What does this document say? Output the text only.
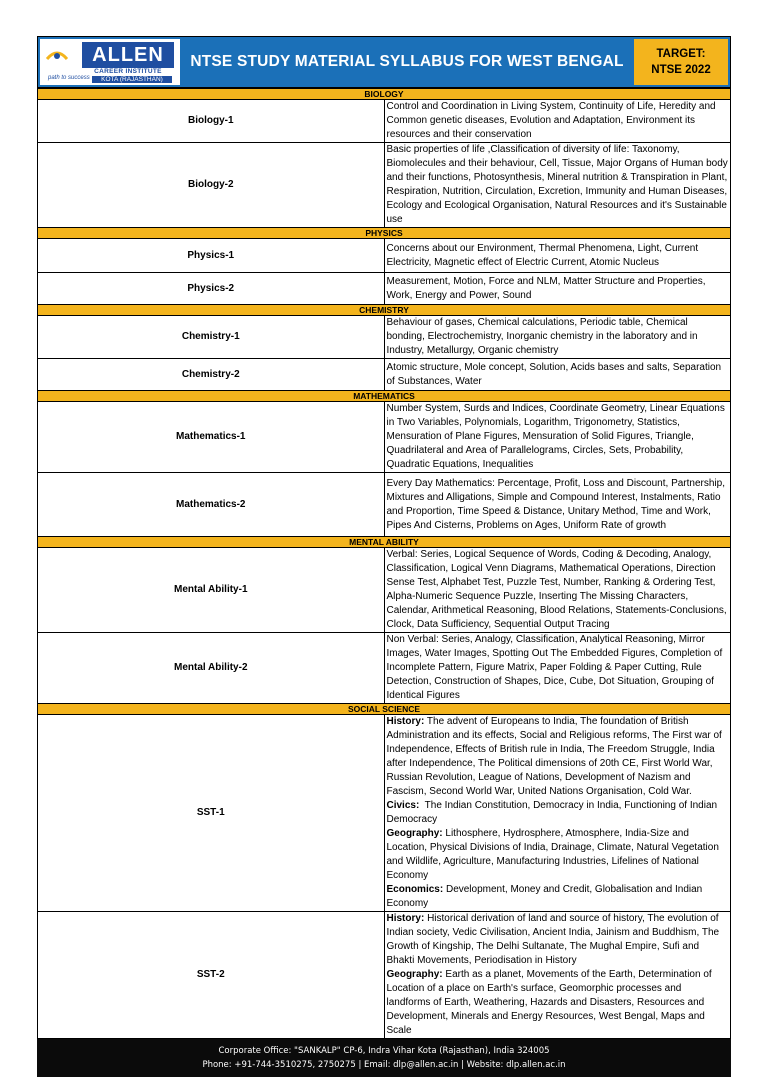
ALLEN
CAREER INSTITUTE
KOTA (RAJASTHAN)
path to success
NTSE STUDY MATERIAL SYLLABUS FOR WEST BENGAL	TARGET:
NTSE 2022
BIOLOGY	
Biology-1	Control and Coordination in Living System, Continuity of Life, Heredity and Common genetic diseases, Evolution and Adaptation, Environment its resources and their conservation
Biology-2	Basic properties of life ,Classification of diversity of life: Taxonomy, Biomolecules and their behaviour, Cell, Tissue, Major Organs of Human body and their functions, Photosynthesis, Mineral nutrition & Transpiration in Plant, Respiration, Nutrition, Circulation, Excretion, Immunity and Human Diseases, Ecology and Ecological Organisation, Natural Resources and it's Sustainable use
PHYSICS	
Physics-1	Concerns about our Environment, Thermal Phenomena, Light, Current Electricity, Magnetic effect of Electric Current, Atomic Nucleus
Physics-2	Measurement, Motion, Force and NLM, Matter Structure and Properties, Work, Energy and Power, Sound
CHEMISTRY	
Chemistry-1	Behaviour of gases, Chemical calculations, Periodic table, Chemical bonding, Electrochemistry, Inorganic chemistry in the laboratory and in Industry, Metallurgy, Organic chemistry
Chemistry-2	Atomic structure, Mole concept, Solution, Acids bases and salts, Separation of Substances, Water
MATHEMATICS	
Mathematics-1	Number System, Surds and Indices, Coordinate Geometry, Linear Equations in Two Variables, Polynomials, Logarithm, Trigonometry, Statistics, Mensuration of Plane Figures, Mensuration of Solid Figures, Triangle, Quadrilateral and Area of Parallelograms, Circles, Sets, Probability, Quadratic Equations, Inequalities
Mathematics-2	Every Day Mathematics: Percentage, Profit, Loss and Discount, Partnership, Mixtures and Alligations, Simple and Compound Interest, Instalments, Ratio and Proportion, Time Speed & Distance, Unitary Method, Time and Work, Pipes And Cisterns, Problems on Ages, Uniform Rate of growth
MENTAL ABILITY	
Mental Ability-1	Verbal: Series, Logical Sequence of Words, Coding & Decoding, Analogy, Classification, Logical Venn Diagrams, Mathematical Operations, Direction Sense Test, Alphabet Test, Puzzle Test, Number, Ranking & Ordering Test, Alpha-Numeric Sequence Puzzle, Inserting The Missing Characters, Calendar, Arithmetical Reasoning, Blood Relations, Statements-Conclusions, Clock, Data Sufficiency, Sequential Output Tracing
Mental Ability-2	Non Verbal: Series, Analogy, Classification, Analytical Reasoning, Mirror Images, Water Images, Spotting Out The Embedded Figures, Completion of Incomplete Pattern, Figure Matrix, Paper Folding & Paper Cutting, Rule Detection, Construction of Shapes, Dice, Cube, Dot Situation, Grouping of Identical Figures
SOCIAL SCIENCE	
SST-1	History: The advent of Europeans to India, The foundation of British Administration and its effects, Social and Religious reforms, The First war of Independence, Effects of British rule in India, The Freedom Struggle, India after Independence, The Political dimensions of 20th CE, First World War, Russian Revolution, League of Nations, Development of Nazism and Fascism, Second World War, United Nations Organisation, Cold War.
Civics:  The Indian Constitution, Democracy in India, Functioning of Indian Democracy
Geography: Lithosphere, Hydrosphere, Atmosphere, India-Size and Location, Physical Divisions of India, Drainage, Climate, Natural Vegetation and Wildlife, Agriculture, Manufacturing Industries, Lifelines of National Economy
Economics: Development, Money and Credit, Globalisation and Indian Economy

SST-2	History: Historical derivation of land and source of history, The evolution of Indian society, Vedic Civilisation, Ancient India, Jainism and Buddhism, The Growth of Kingship, The Delhi Sultanate, The Mughal Empire, Sufi and Bhakti Movements, Periodisation in History
Geography: Earth as a planet, Movements of the Earth, Determination of Location of a place on Earth's surface, Geomorphic processes and landforms of Earth, Weathering, Hazards and Disasters, Resources and Development, Minerals and Energy Resources, West Bengal, Maps and Scale
Corporate Office: "SANKALP" CP-6, Indra Vihar Kota (Rajasthan), India 324005
Phone: +91-744-3510275, 2750275 | Email: dlp@allen.ac.in | Website: dlp.allen.ac.in
